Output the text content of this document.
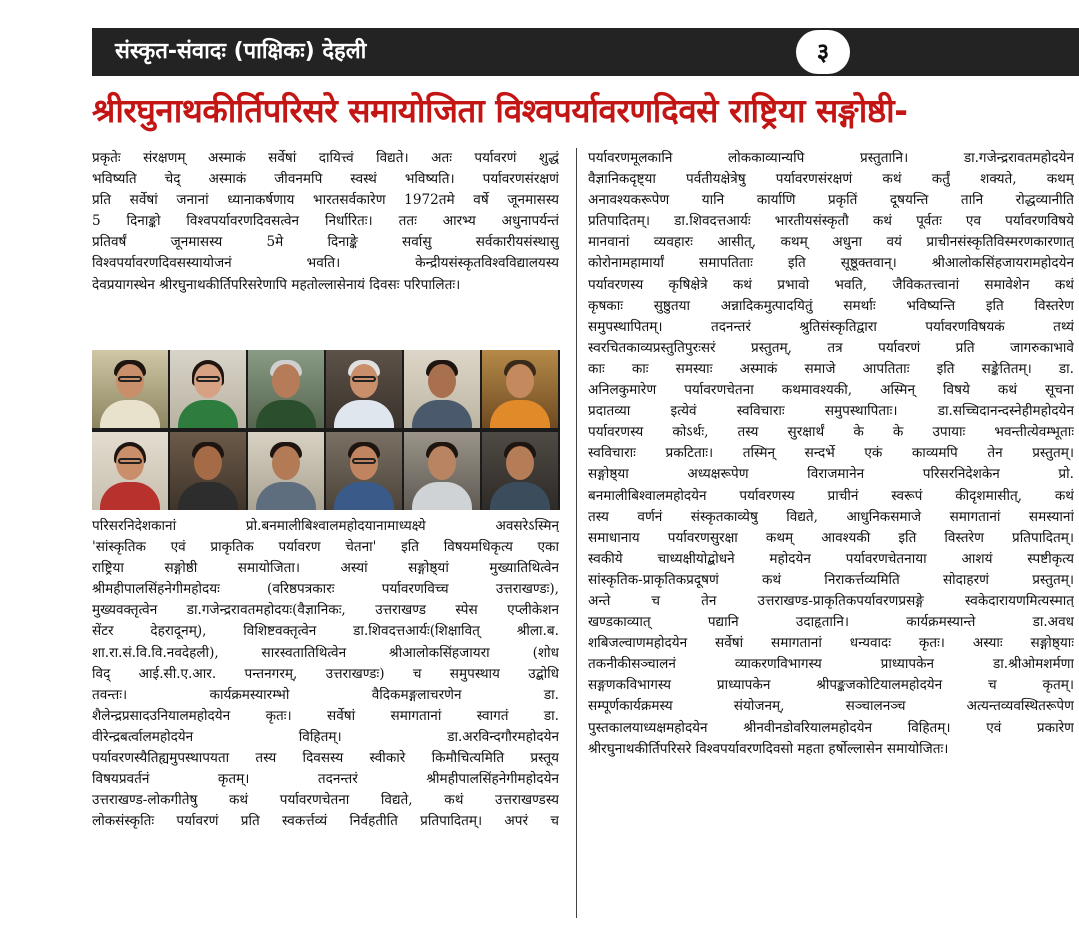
संस्कृत-संवादः (पाक्षिकः) देहली	३
श्रीरघुनाथकीर्तिपरिसरे समायोजिता विश्वपर्यावरणदिवसे राष्ट्रिया सङ्गोष्ठी-
प्रकृतेः संरक्षणम् अस्माकं सर्वेषां दायित्त्वं विद्यते। अतः पर्यावरणं शुद्धं
भविष्यति चेद् अस्माकं जीवनमपि स्वस्थं भविष्यति। पर्यावरणसंरक्षणं
प्रति सर्वेषां जनानां ध्यानाकर्षणाय भारतसर्वकारेण 1972तमे वर्षे जूनमासस्य
5 दिनाङ्को विश्वपर्यावरणदिवसत्वेन निर्धारितः। ततः आरभ्य अधुनापर्यन्तं
प्रतिवर्षं जूनमासस्य 5मे दिनाङ्के सर्वासु सर्वकारीयसंस्थासु
विश्वपर्यावरणदिवसस्यायोजनं भवति। केन्द्रीयसंस्कृतविश्वविद्यालयस्य
देवप्रयागस्थेन श्रीरघुनाथकीर्तिपरिसरेणापि महतोल्लासेनायं दिवसः परिपालितः।
परिसरनिदेशकानां प्रो.बनमालीबिश्वालमहोदयानामाध्यक्ष्ये अवसरेऽस्मिन्
'सांस्कृतिक एवं प्राकृतिक पर्यावरण चेतना' इति विषयमधिकृत्य एका
राष्ट्रिया सङ्गोष्ठी समायोजिता। अस्यां सङ्गोष्ठ्यां मुख्यातिथित्वेन
श्रीमहीपालसिंहनेगीमहोदयः (वरिष्ठपत्रकारः पर्यावरणविच्च उत्तराखण्डः),
मुख्यवक्तृत्वेन डा.गजेन्द्ररावतमहोदयः(वैज्ञानिकः, उत्तराखण्ड स्पेस एप्लीकेशन
सेंटर देहरादूनम्), विशिष्टवक्तृत्वेन डा.शिवदत्तआर्यः(शिक्षावित् श्रीला.ब.
शा.रा.सं.वि.वि.नवदेहली), सारस्वतातिथित्वेन श्रीआलोकसिंहजायरा (शोध
विद् आई.सी.ए.आर. पन्तनगरम्, उत्तराखण्डः) च समुपस्थाय उद्बोधि
तवन्तः। कार्यक्रमस्यारम्भो वैदिकमङ्गलाचरणेन डा.
शैलेन्द्रप्रसादउनियालमहोदयेन कृतः। सर्वेषां समागतानां स्वागतं डा.
वीरेन्द्रबर्त्वालमहोदयेन विहितम्। डा.अरविन्दगौरमहोदयेन
पर्यावरणस्यैतिह्यमुपस्थापयता तस्य दिवसस्य स्वीकारे किमौचित्यमिति प्रस्तूय
विषयप्रवर्तनं कृतम्। तदनन्तरं श्रीमहीपालसिंहनेगीमहोदयेन
उत्तराखण्ड-लोकगीतेषु कथं पर्यावरणचेतना विद्यते, कथं उत्तराखण्डस्य
लोकसंस्कृतिः पर्यावरणं प्रति स्वकर्त्तव्यं निर्वहतीति प्रतिपादितम्। अपरं च
पर्यावरणमूलकानि लोककाव्यान्यपि प्रस्तुतानि। डा.गजेन्द्ररावतमहोदयेन
वैज्ञानिकदृष्ट्या पर्वतीयक्षेत्रेषु पर्यावरणसंरक्षणं कथं कर्तुं शक्यते, कथम्
अनावश्यकरूपेण यानि कार्याणि प्रकृतिं दूषयन्ति तानि रोद्धव्यानीति
प्रतिपादितम्। डा.शिवदत्तआर्यः भारतीयसंस्कृतौ कथं पूर्वतः एव पर्यावरणविषये
मानवानां व्यवहारः आसीत्, कथम् अधुना वयं प्राचीनसंस्कृतिविस्मरणकारणात्
कोरोनामहामार्यां समापतिताः इति सूष्ठूक्तवान्। श्रीआलोकसिंहजायरामहोदयेन
पर्यावरणस्य कृषिक्षेत्रे कथं प्रभावो भवति, जैविकतत्त्वानां समावेशेन कथं
कृषकाः सुष्ठुतया अन्नादिकमुत्पादयितुं समर्थाः भविष्यन्ति इति विस्तरेण
समुपस्थापितम्। तदनन्तरं श्रुतिसंस्कृतिद्वारा पर्यावरणविषयकं तथ्यं
स्वरचितकाव्यप्रस्तुतिपुरःसरं प्रस्तुतम्, तत्र पर्यावरणं प्रति जागरुकाभावे
काः काः समस्याः अस्माकं समाजे आपतिताः इति सङ्केतितम्। डा.
अनिलकुमारेण पर्यावरणचेतना कथमावश्यकी, अस्मिन् विषये कथं सूचना
प्रदातव्या इत्येवं स्वविचाराः समुपस्थापिताः। डा.सच्चिदानन्दस्नेहीमहोदयेन
पर्यावरणस्य कोऽर्थः, तस्य सुरक्षार्थं के के उपायाः भवन्तीत्येवम्भूताः
स्वविचाराः प्रकटिताः। तस्मिन् सन्दर्भे एकं काव्यमपि तेन प्रस्तुतम्।
सङ्गोष्ठ्या अध्यक्षरूपेण विराजमानेन परिसरनिदेशकेन प्रो.
बनमालीबिश्वालमहोदयेन पर्यावरणस्य प्राचीनं स्वरूपं कीदृशमासीत्, कथं
तस्य वर्णनं संस्कृतकाव्येषु विद्यते, आधुनिकसमाजे समागतानां समस्यानां
समाधानाय पर्यावरणसुरक्षा कथम् आवश्यकी इति विस्तरेण प्रतिपादितम्।
स्वकीये चाध्यक्षीयोद्बोधने महोदयेन पर्यावरणचेतनाया आशयं स्पष्टीकृत्य
सांस्कृतिक-प्राकृतिकप्रदूषणं कथं निराकर्त्तव्यमिति सोदाहरणं प्रस्तुतम्।
अन्ते च तेन उत्तराखण्ड-प्राकृतिकपर्यावरणप्रसङ्गे स्वकेदारायणमित्यस्मात्
खण्डकाव्यात् पद्यानि उदाहृतानि। कार्यक्रमस्यान्ते डा.अवध
शबिजल्वाणमहोदयेन सर्वेषां समागतानां धन्यवादः कृतः। अस्याः सङ्गोष्ठ्याः
तकनीकीसञ्चालनं व्याकरणविभागस्य प्राध्यापकेन डा.श्रीओमशर्मणा
सङ्गणकविभागस्य प्राध्यापकेन श्रीपङ्कजकोटियालमहोदयेन च कृतम्।
सम्पूर्णकार्यक्रमस्य संयोजनम्, सञ्चालनञ्च अत्यन्तव्यवस्थितरूपेण
पुस्तकालयाध्यक्षमहोदयेन श्रीनवीनडोवरियालमहोदयेन विहितम्। एवं प्रकारेण
श्रीरघुनाथकीर्तिपरिसरे विश्वपर्यावरणदिवसो महता हर्षोल्लासेन समायोजितः।
